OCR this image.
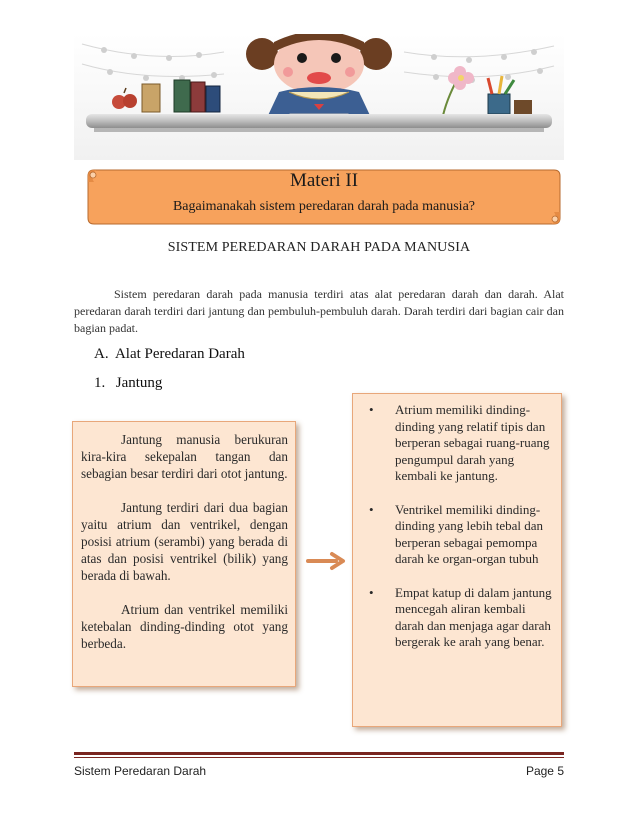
Materi II
Bagaimanakah sistem peredaran darah pada manusia?
SISTEM PEREDARAN DARAH PADA MANUSIA
Sistem peredaran darah pada manusia terdiri atas alat peredaran darah dan darah. Alat peredaran darah terdiri dari jantung dan pembuluh-pembuluh darah. Darah terdiri dari bagian cair dan bagian padat.
A. Alat Peredaran Darah
1. Jantung

Jantung manusia berukuran kira-kira sekepalan tangan dan sebagian besar terdiri dari otot jantung.

Jantung terdiri dari dua bagian yaitu atrium dan ventrikel, dengan posisi atrium (serambi) yang berada di atas dan posisi ventrikel (bilik) yang berada di bawah.

Atrium dan ventrikel memiliki ketebalan dinding-dinding otot yang berbeda.

• Atrium memiliki dinding-dinding yang relatif tipis dan berperan sebagai ruang-ruang pengumpul darah yang kembali ke jantung.
• Ventrikel memiliki dinding-dinding yang lebih tebal dan berperan sebagai pemompa darah ke organ-organ tubuh
• Empat katup di dalam jantung mencegah aliran kembali darah dan menjaga agar darah bergerak ke arah yang benar.
Sistem Peredaran Darah	Page 5
